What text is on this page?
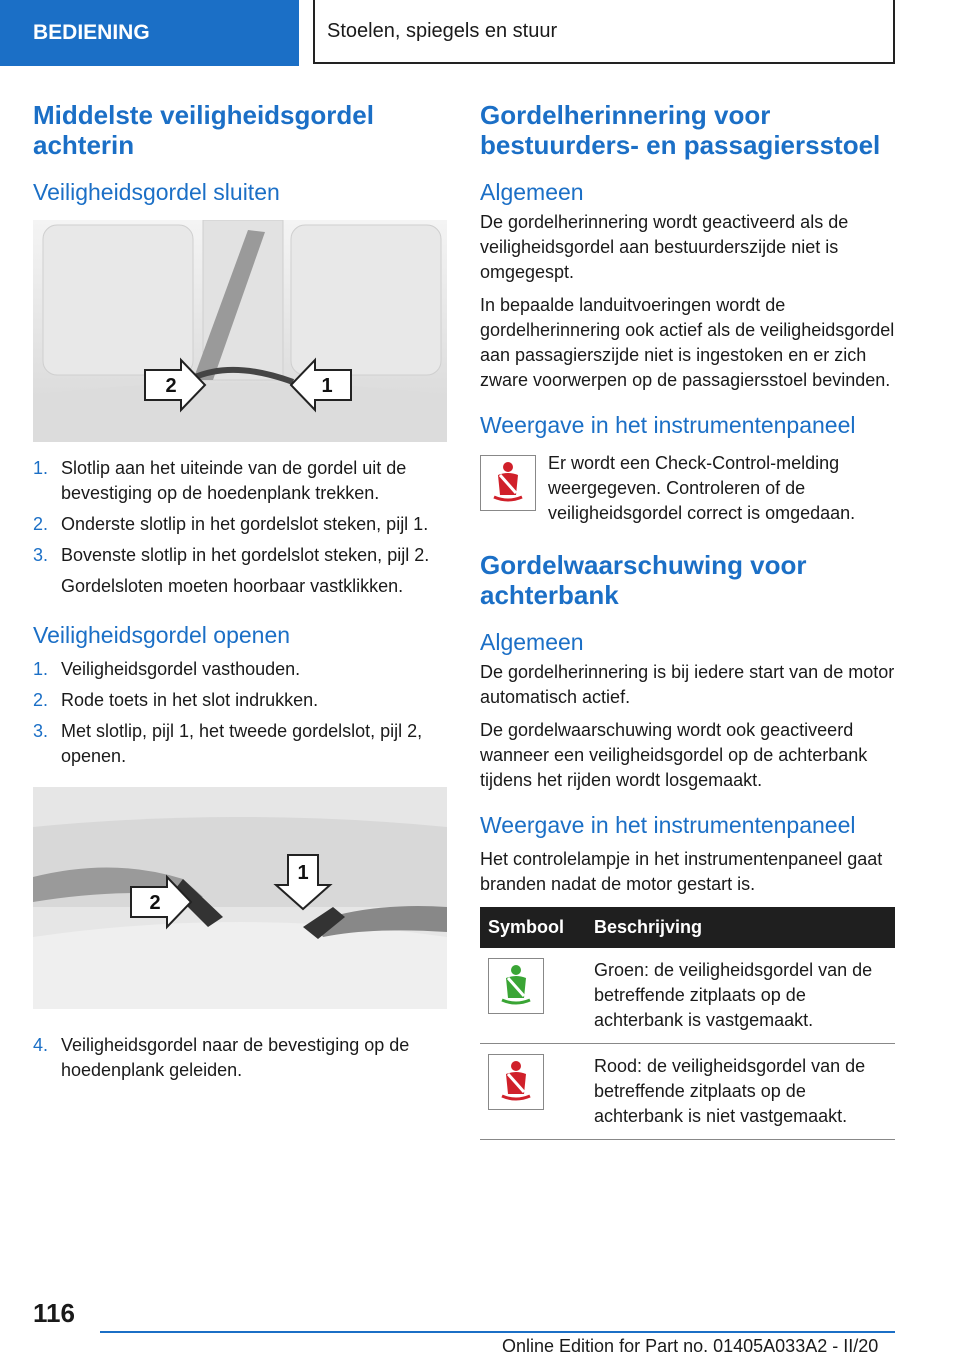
BEDIENING	Stoelen, spiegels en stuur
Middelste veiligheidsgordel achterin
Veiligheidsgordel sluiten
2	1
1. Slotlip aan het uiteinde van de gordel uit de bevestiging op de hoedenplank trekken.
2. Onderste slotlip in het gordelslot steken, pijl 1.
3. Bovenste slotlip in het gordelslot steken, pijl 2.

Gordelsloten moeten hoorbaar vastklikken.

Veiligheidsgordel openen
1. Veiligheidsgordel vasthouden.
2. Rode toets in het slot indrukken.
3. Met slotlip, pijl 1, het tweede gordelslot, pijl 2, openen.
2
1
4. Veiligheidsgordel naar de bevestiging op de hoedenplank geleiden.
Gordelherinnering voor bestuurders- en passagiersstoel
Algemeen

De gordelherinnering wordt geactiveerd als de veiligheidsgordel aan bestuurderszijde niet is omgegespt.

In bepaalde landuitvoeringen wordt de gordelherinnering ook actief als de veiligheidsgordel aan passagierszijde niet is ingestoken en er zich zware voorwerpen op de passagiersstoel bevinden.

Weergave in het instrumentenpaneel

Er wordt een Check-Control-melding weergegeven. Controleren of de veiligheidsgordel correct is omgedaan.

Gordelwaarschuwing voor achterbank
Algemeen

De gordelherinnering is bij iedere start van de motor automatisch actief.

De gordelwaarschuwing wordt ook geactiveerd wanneer een veiligheidsgordel op de achterbank tijdens het rijden wordt losgemaakt.

Weergave in het instrumentenpaneel

Het controlelampje in het instrumentenpaneel gaat branden nadat de motor gestart is.

Symbool	Beschrijving

	Groen: de veiligheidsgordel van de betreffende zitplaats op de achterbank is vastgemaakt.

	Rood: de veiligheidsgordel van de betreffende zitplaats op de achterbank is niet vastgemaakt.
116
Online Edition for Part no. 01405A033A2 - II/20
